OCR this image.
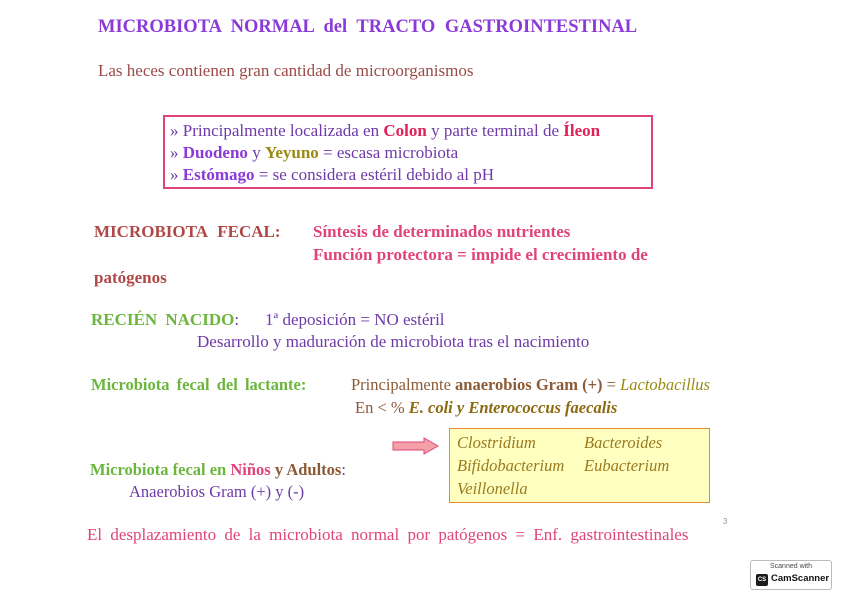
MICROBIOTA NORMAL del TRACTO GASTROINTESTINAL
Las heces contienen gran cantidad de microorganismos
» Principalmente localizada en Colon y parte terminal de Íleon
» Duodeno y Yeyuno = escasa microbiota
» Estómago = se considera estéril debido al pH
MICROBIOTA FECAL: Síntesis de determinados nutrientes
Función protectora = impide el crecimiento de
patógenos
RECIÉN NACIDO: 1ª deposición = NO estéril
Desarrollo y maduración de microbiota tras el nacimiento
Microbiota fecal del lactante:	Principalmente anaerobios Gram (+) = Lactobacillus
En < % E. coli y Enterococcus faecalis
Clostridium	Bacteroides
Bifidobacterium Eubacterium
Veillonella
Microbiota fecal en Niños y Adultos:
Anaerobios Gram (+) y (-)
El desplazamiento de la microbiota normal por patógenos = Enf. gastrointestinales
3
Scanned with
CS CamScanner
